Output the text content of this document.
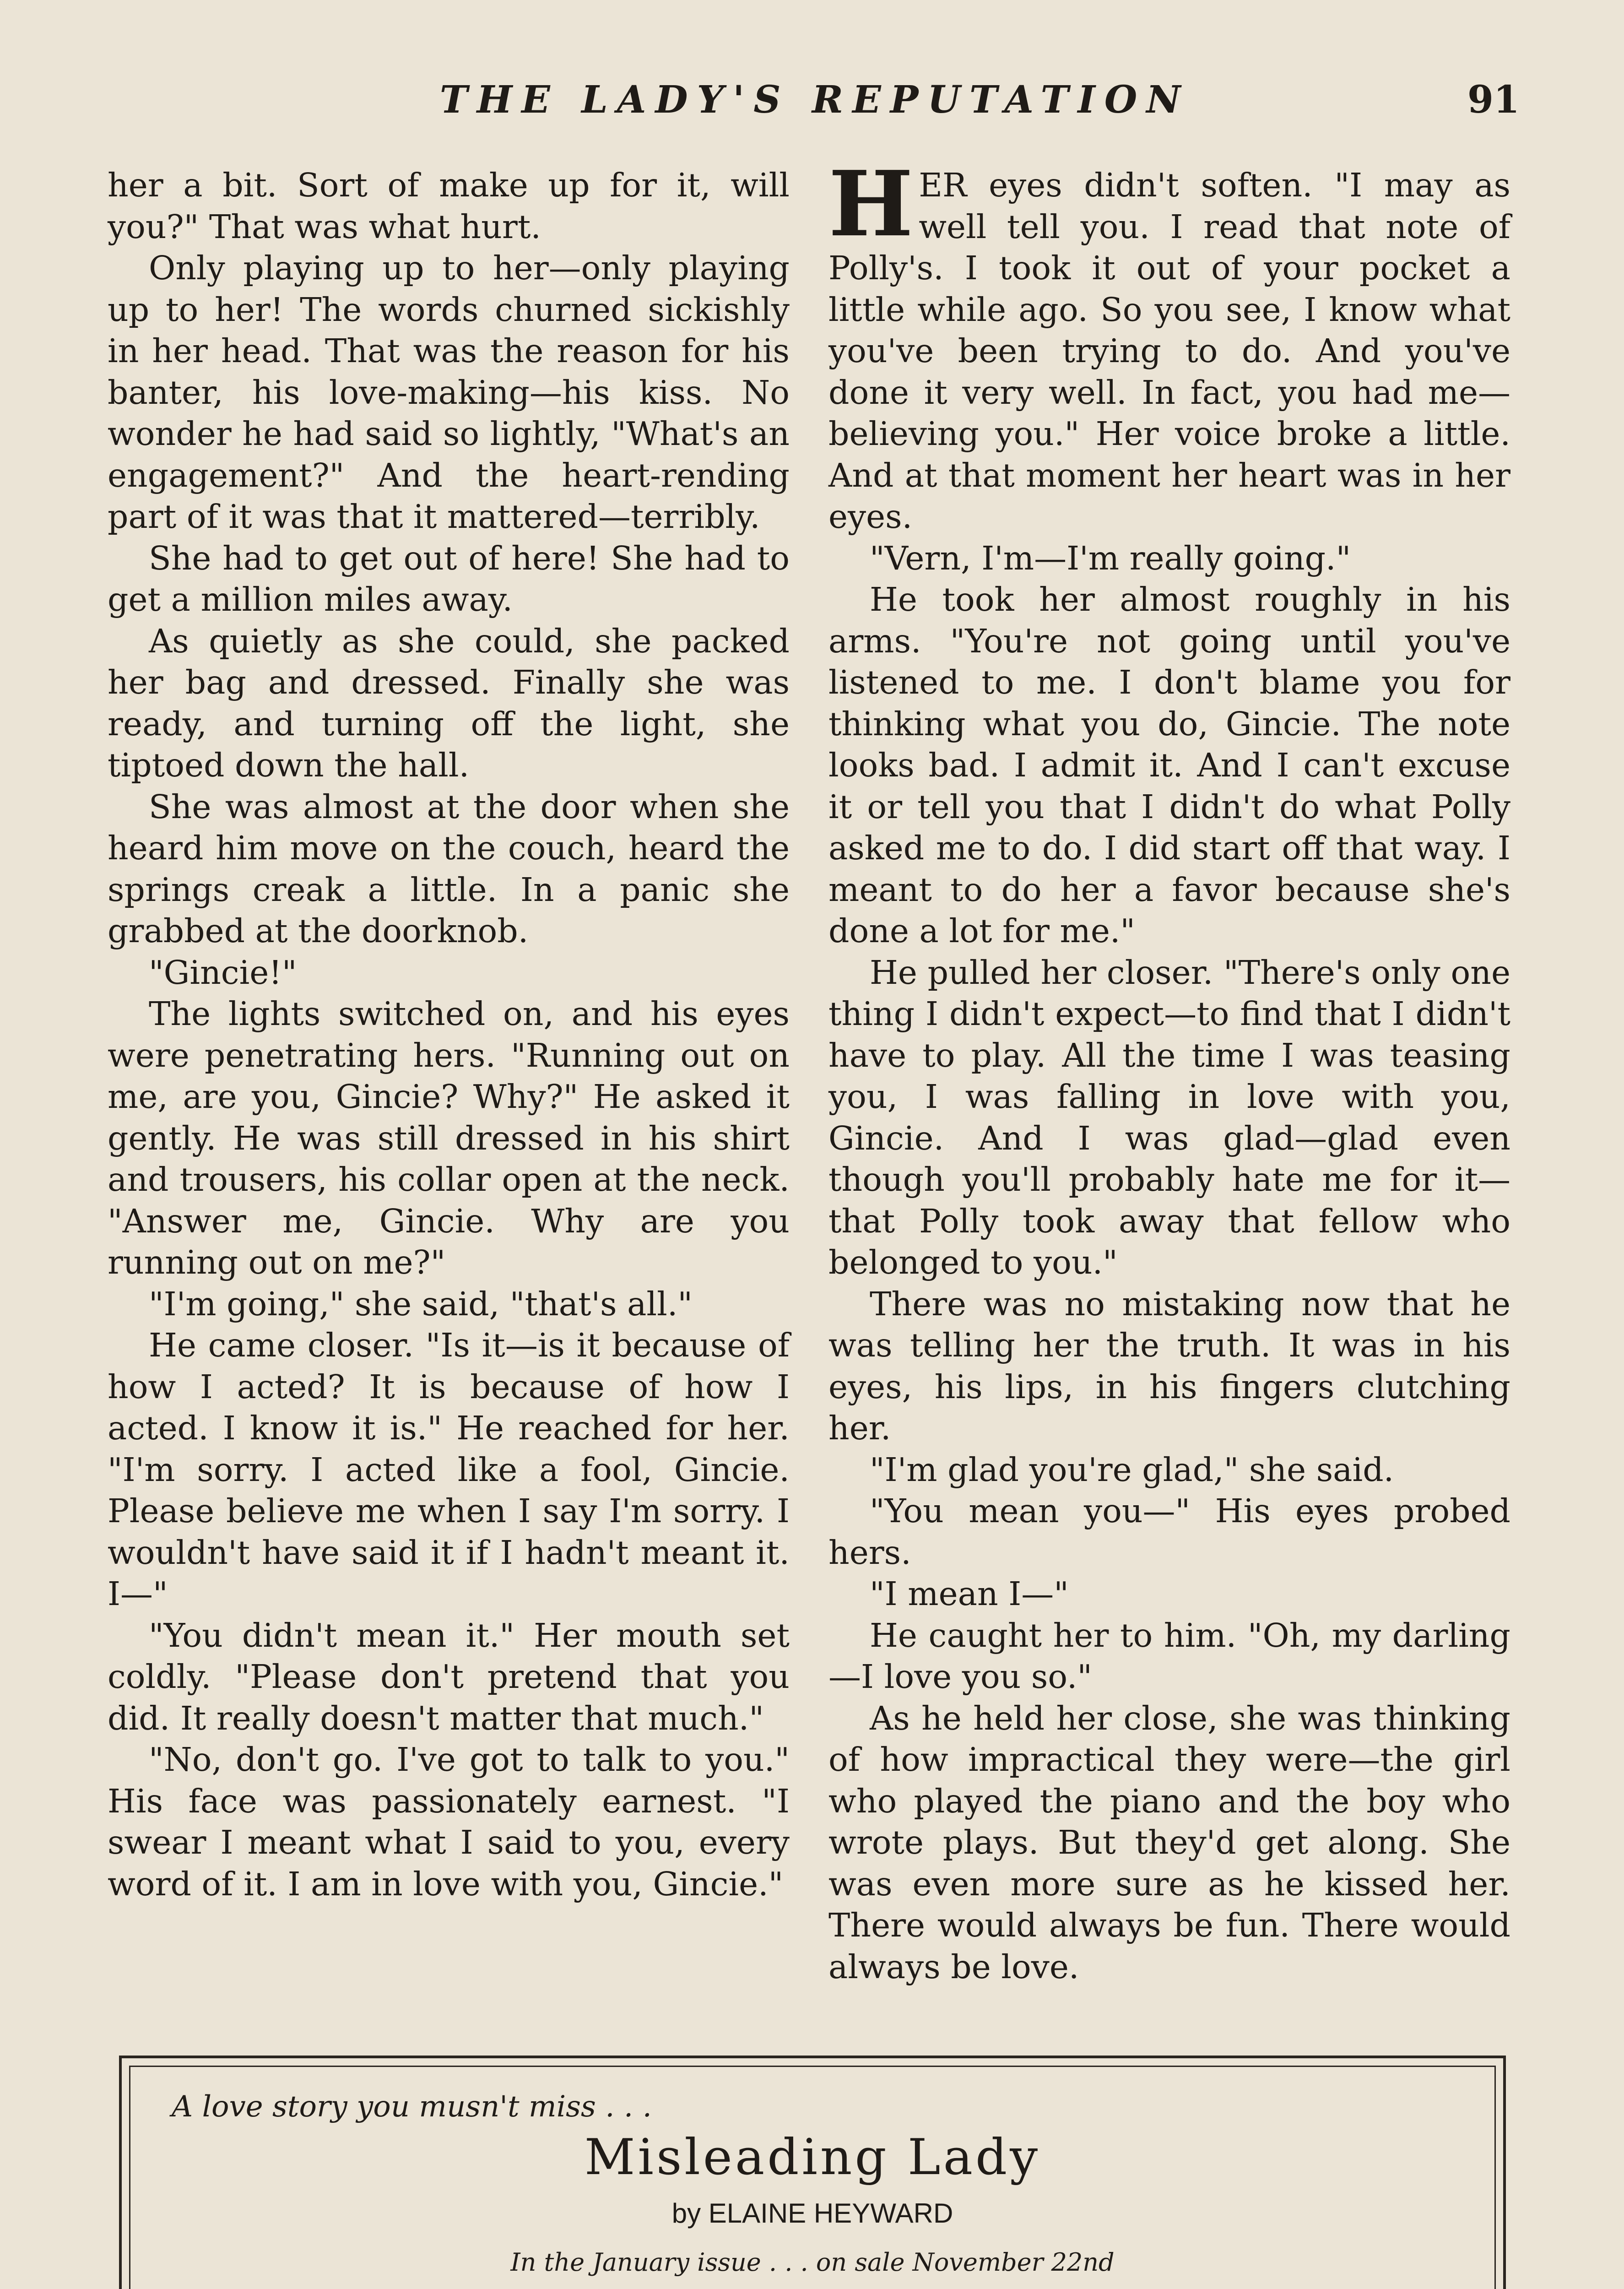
THE LADY'S REPUTATION	91

her a bit. Sort of make up for it, will you?" That was what hurt.

Only playing up to her—only playing up to her! The words churned sickishly in her head. That was the reason for his banter, his love-making—his kiss. No wonder he had said so lightly, "What's an engagement?" And the heart-rending part of it was that it mattered—terribly.

She had to get out of here! She had to get a million miles away.

As quietly as she could, she packed her bag and dressed. Finally she was ready, and turning off the light, she tiptoed down the hall.

She was almost at the door when she heard him move on the couch, heard the springs creak a little. In a panic she grabbed at the doorknob.

"Gincie!"

The lights switched on, and his eyes were penetrating hers. "Running out on me, are you, Gincie? Why?" He asked it gently. He was still dressed in his shirt and trousers, his collar open at the neck. "Answer me, Gincie. Why are you running out on me?"

"I'm going," she said, "that's all."

He came closer. "Is it—is it because of how I acted? It is because of how I acted. I know it is." He reached for her. "I'm sorry. I acted like a fool, Gincie. Please believe me when I say I'm sorry. I wouldn't have said it if I hadn't meant it. I—"

"You didn't mean it." Her mouth set coldly. "Please don't pretend that you did. It really doesn't matter that much."

"No, don't go. I've got to talk to you." His face was passionately earnest. "I swear I meant what I said to you, every word of it. I am in love with you, Gincie."

HER eyes didn't soften. "I may as well tell you. I read that note of Polly's. I took it out of your pocket a little while ago. So you see, I know what you've been trying to do. And you've done it very well. In fact, you had me—believing you." Her voice broke a little. And at that moment her heart was in her eyes.

"Vern, I'm—I'm really going."

He took her almost roughly in his arms. "You're not going until you've listened to me. I don't blame you for thinking what you do, Gincie. The note looks bad. I admit it. And I can't excuse it or tell you that I didn't do what Polly asked me to do. I did start off that way. I meant to do her a favor because she's done a lot for me."

He pulled her closer. "There's only one thing I didn't expect—to find that I didn't have to play. All the time I was teasing you, I was falling in love with you, Gincie. And I was glad—glad even though you'll probably hate me for it—that Polly took away that fellow who belonged to you."

There was no mistaking now that he was telling her the truth. It was in his eyes, his lips, in his fingers clutching her.

"I'm glad you're glad," she said.

"You mean you—" His eyes probed hers.

"I mean I—"

He caught her to him. "Oh, my darling—I love you so."

As he held her close, she was thinking of how impractical they were—the girl who played the piano and the boy who wrote plays. But they'd get along. She was even more sure as he kissed her. There would always be fun. There would always be love.

A love story you musn't miss . . .
Misleading Lady
by ELAINE HEYWARD
In the January issue . . . on sale November 22nd
